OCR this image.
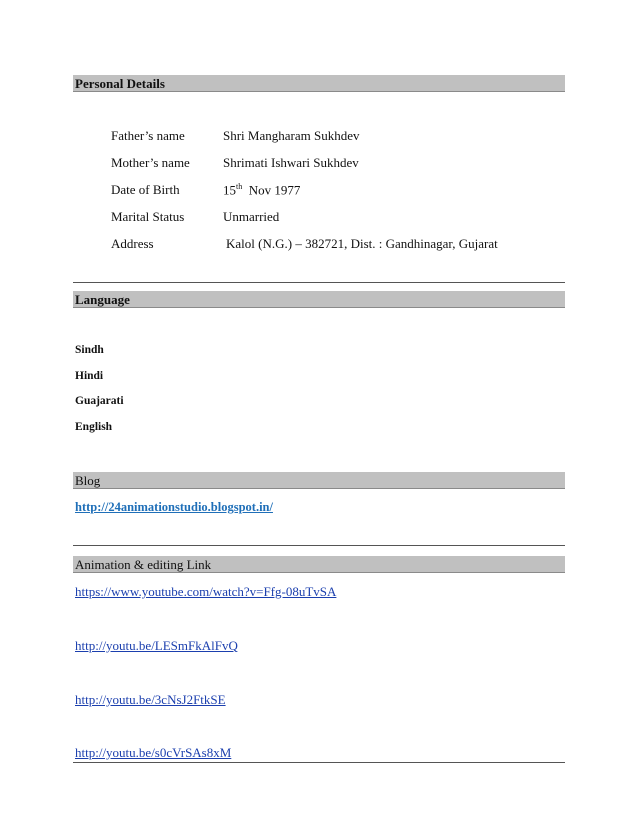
Personal Details
Father’s name	Shri Mangharam Sukhdev
Mother’s name	Shrimati Ishwari Sukhdev
Date of Birth	15th Nov 1977
Marital Status	Unmarried
Address	Kalol (N.G.) – 382721, Dist. : Gandhinagar, Gujarat
Language
Sindh
Hindi
Guajarati
English
Blog
http://24animationstudio.blogspot.in/
Animation & editing Link
https://www.youtube.com/watch?v=Ffg-08uTvSA
http://youtu.be/LESmFkAlFvQ
http://youtu.be/3cNsJ2FtkSE
http://youtu.be/s0cVrSAs8xM
